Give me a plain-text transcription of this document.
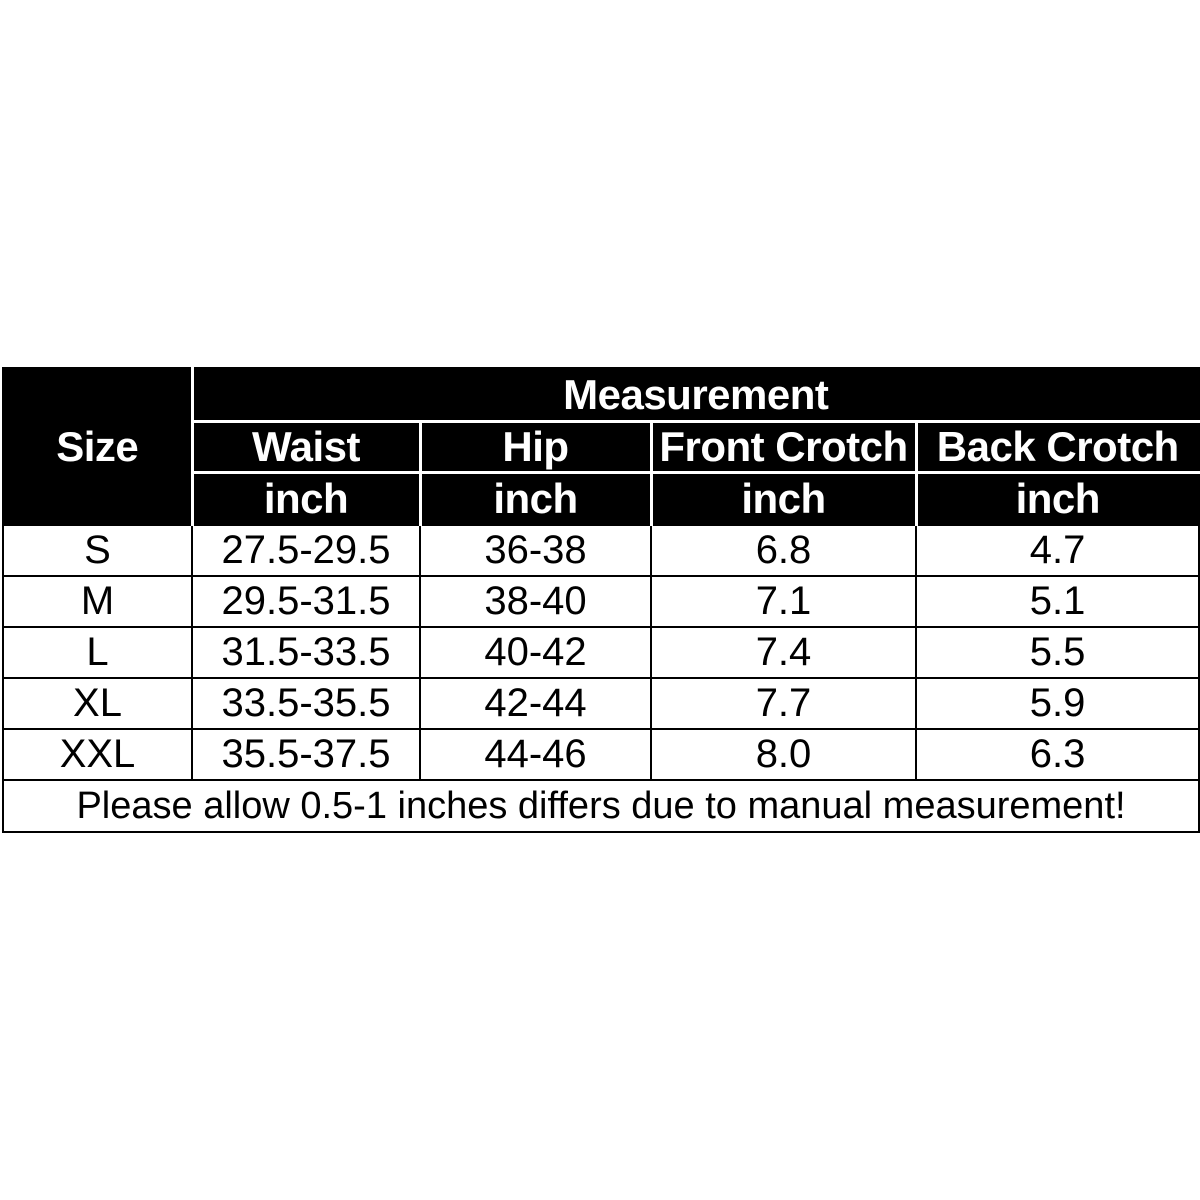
Size	Measurement			
	Waist	Hip	Front Crotch	Back Crotch
	inch	inch	inch	inch
S	27.5-29.5	36-38	6.8	4.7
M	29.5-31.5	38-40	7.1	5.1
L	31.5-33.5	40-42	7.4	5.5
XL	33.5-35.5	42-44	7.7	5.9
XXL	35.5-37.5	44-46	8.0	6.3
Please allow 0.5-1 inches differs due to manual measurement!				
